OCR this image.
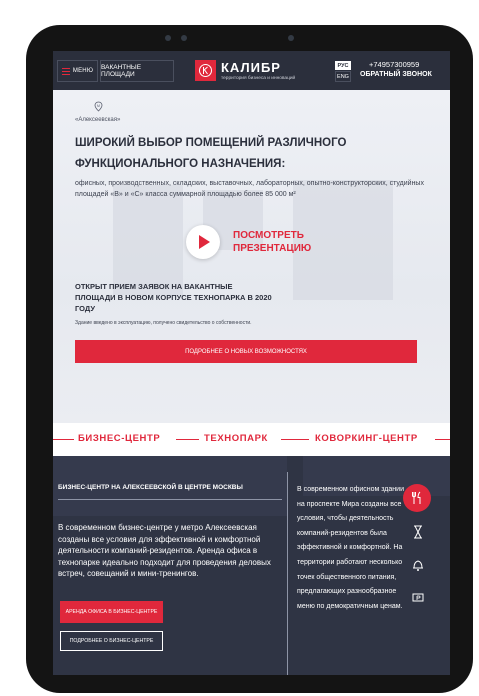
МЕНЮ ВАКАНТНЫЕ ПЛОЩАДИ	КАЛИБР
территория бизнеса и инноваций
РУС
ENG
+74957300959
ОБРАТНЫЙ ЗВОНОК
M
«Алексеевская»
ШИРОКИЙ ВЫБОР ПОМЕЩЕНИЙ РАЗЛИЧНОГО ФУНКЦИОНАЛЬНОГО НАЗНАЧЕНИЯ:
офисных, производственных, складских, выставочных, лабораторных, опытно-конструкторских, студийных площадей «В» и «С» класса суммарной площадью более 85 000 м²
ПОСМОТРЕТЬ
ПРЕЗЕНТАЦИЮ
ОТКРЫТ ПРИЕМ ЗАЯВОК НА ВАКАНТНЫЕ ПЛОЩАДИ В НОВОМ КОРПУСЕ ТЕХНОПАРКА В 2020 ГОДУ
Здание введено в эксплуатацию, получено свидетельство о собственности.
ПОДРОБНЕЕ О НОВЫХ ВОЗМОЖНОСТЯХ
БИЗНЕС-ЦЕНТР	ТЕХНОПАРК	КОВОРКИНГ-ЦЕНТР
БИЗНЕС-ЦЕНТР НА АЛЕКСЕЕВСКОЙ В ЦЕНТРЕ МОСКВЫ
В современном бизнес-центре у метро Алексеевская созданы все условия для эффективной и комфортной деятельности компаний-резидентов. Аренда офиса в технопарке идеально подходит для проведения деловых встреч, совещаний и мини-тренингов.
АРЕНДА ОФИСА В БИЗНЕС-ЦЕНТРЕ
ПОДРОБНЕЕ О БИЗНЕС-ЦЕНТРЕ
В современном офисном здании на проспекте Мира созданы все условия, чтобы деятельность компаний-резидентов была эффективной и комфортной. На территории работают несколько точек общественного питания, предлагающих разнообразное меню по демократичным ценам.
